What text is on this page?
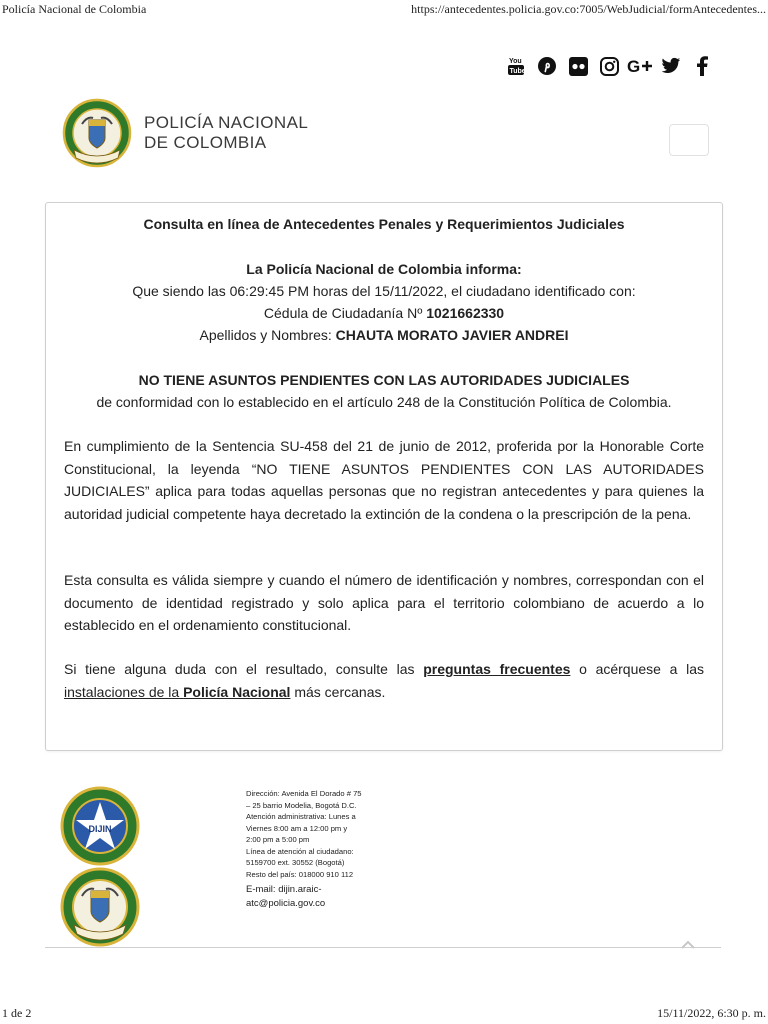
Policía Nacional de Colombia	https://antecedentes.policia.gov.co:7005/WebJudicial/formAntecedentes...
You
Tube	G
POLICÍA NACIONAL
DE COLOMBIA
Consulta en línea de Antecedentes Penales y Requerimientos Judiciales
La Policía Nacional de Colombia informa:
Que siendo las 06:29:45 PM horas del 15/11/2022, el ciudadano identificado con:
Cédula de Ciudadanía Nº 1021662330
Apellidos y Nombres: CHAUTA MORATO JAVIER ANDREI
NO TIENE ASUNTOS PENDIENTES CON LAS AUTORIDADES JUDICIALES
de conformidad con lo establecido en el artículo 248 de la Constitución Política de Colombia.
En cumplimiento de la Sentencia SU-458 del 21 de junio de 2012, proferida por la Honorable Corte Constitucional, la leyenda “NO TIENE ASUNTOS PENDIENTES CON LAS AUTORIDADES JUDICIALES” aplica para todas aquellas personas que no registran antecedentes y para quienes la autoridad judicial competente haya decretado la extinción de la condena o la prescripción de la pena.
Esta consulta es válida siempre y cuando el número de identificación y nombres, correspondan con el documento de identidad registrado y solo aplica para el territorio colombiano de acuerdo a lo establecido en el ordenamiento constitucional.
Si tiene alguna duda con el resultado, consulte las preguntas frecuentes o acérquese a las instalaciones de la Policía Nacional más cercanas.
DIJIN
Dirección: Avenida El Dorado # 75
– 25 barrio Modelia, Bogotá D.C.
Atención administrativa: Lunes a
Viernes 8:00 am a 12:00 pm y
2:00 pm a 5:00 pm
Línea de atención al ciudadano:
5159700 ext. 30552 (Bogotá)
Resto del país: 018000 910 112
E-mail: dijin.araic-
atc@policia.gov.co
1 de 2	15/11/2022, 6:30 p. m.
